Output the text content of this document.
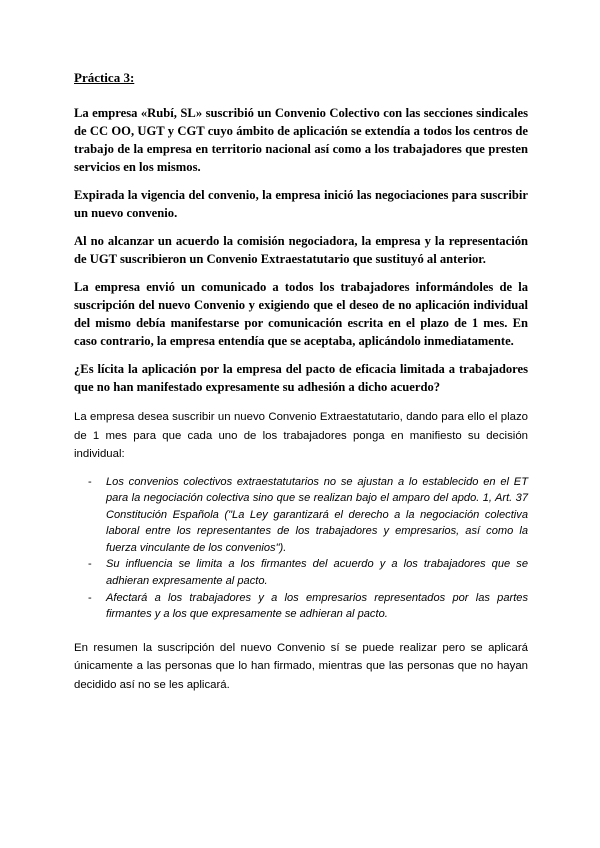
Práctica 3:

La empresa «Rubí, SL» suscribió un Convenio Colectivo con las secciones sindicales de CC OO, UGT y CGT cuyo ámbito de aplicación se extendía a todos los centros de trabajo de la empresa en territorio nacional así como a los trabajadores que presten servicios en los mismos.

Expirada la vigencia del convenio, la empresa inició las negociaciones para suscribir un nuevo convenio.

Al no alcanzar un acuerdo la comisión negociadora, la empresa y la representación de UGT suscribieron un Convenio Extraestatutario que sustituyó al anterior.

La empresa envió un comunicado a todos los trabajadores informándoles de la suscripción del nuevo Convenio y exigiendo que el deseo de no aplicación individual del mismo debía manifestarse por comunicación escrita en el plazo de 1 mes. En caso contrario, la empresa entendía que se aceptaba, aplicándolo inmediatamente.

¿Es lícita la aplicación por la empresa del pacto de eficacia limitada a trabajadores que no han manifestado expresamente su adhesión a dicho acuerdo?

La empresa desea suscribir un nuevo Convenio Extraestatutario, dando para ello el plazo de 1 mes para que cada uno de los trabajadores ponga en manifiesto su decisión individual:

- Los convenios colectivos extraestatutarios no se ajustan a lo establecido en el ET para la negociación colectiva sino que se realizan bajo el amparo del apdo. 1, Art. 37 Constitución Española ("La Ley garantizará el derecho a la negociación colectiva laboral entre los representantes de los trabajadores y empresarios, así como la fuerza vinculante de los convenios").
- Su influencia se limita a los firmantes del acuerdo y a los trabajadores que se adhieran expresamente al pacto.
- Afectará a los trabajadores y a los empresarios representados por las partes firmantes y a los que expresamente se adhieran al pacto.

En resumen la suscripción del nuevo Convenio sí se puede realizar pero se aplicará únicamente a las personas que lo han firmado, mientras que las personas que no hayan decidido así no se les aplicará.
